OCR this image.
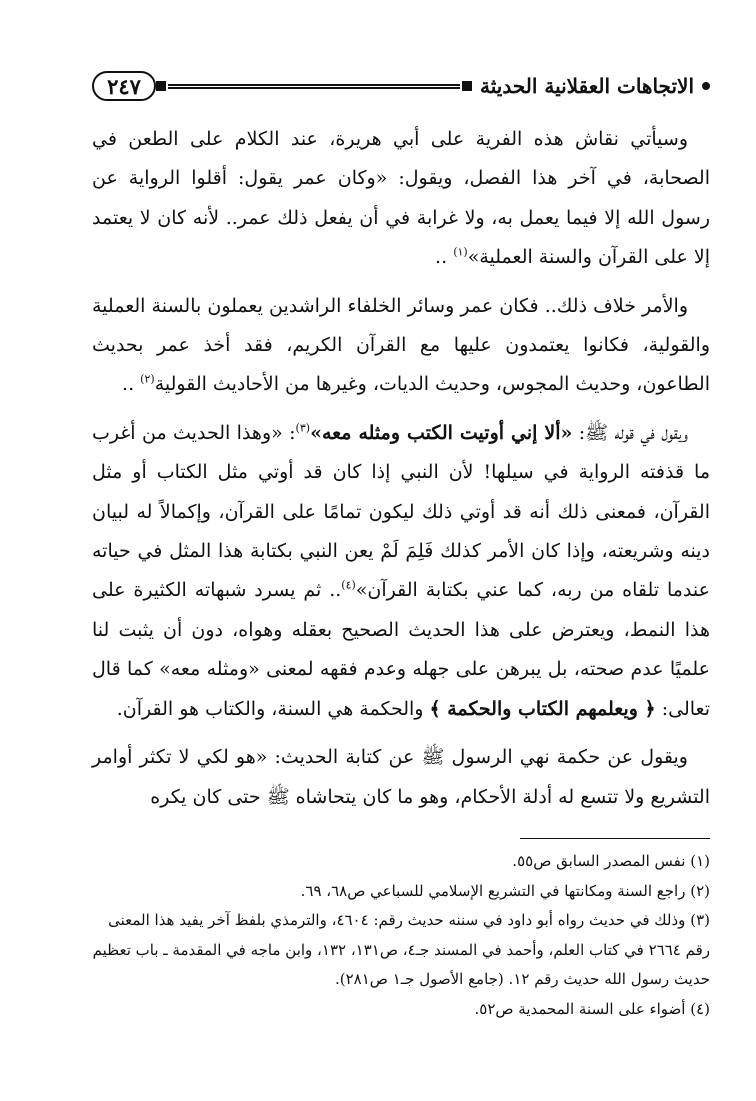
٢٤٧	الاتجاهات العقلانية الحديثة

وسيأتي نقاش هذه الفرية على أبي هريرة، عند الكلام على الطعن في الصحابة، في آخر هذا الفصل، ويقول: «وكان عمر يقول: أقلوا الرواية عن رسول الله إلا فيما يعمل به، ولا غرابة في أن يفعل ذلك عمر.. لأنه كان لا يعتمد إلا على القرآن والسنة العملية»$^{(١)}$ ..

والأمر خلاف ذلك.. فكان عمر وسائر الخلفاء الراشدين يعملون بالسنة العملية والقولية، فكانوا يعتمدون عليها مع القرآن الكريم، فقد أخذ عمر بحديث الطاعون، وحديث المجوس، وحديث الديات، وغيرها من الأحاديث القولية$^{(٢)}$ ..

ويقول في قوله ﷺ: «ألا إني أوتيت الكتب ومثله معه»$^{(٣)}$: «وهذا الحديث من أغرب ما قذفته الرواية في سيلها! لأن النبي إذا كان قد أوتي مثل الكتاب أو مثل القرآن، فمعنى ذلك أنه قد أوتي ذلك ليكون تمامًا على القرآن، وإكمالاً له لبيان دينه وشريعته، وإذا كان الأمر كذلك فَلِمَ لَمْ يعن النبي بكتابة هذا المثل في حياته عندما تلقاه من ربه، كما عني بكتابة القرآن»$^{(٤)}$.. ثم يسرد شبهاته الكثيرة على هذا النمط، ويعترض على هذا الحديث الصحيح بعقله وهواه، دون أن يثبت لنا علميًا عدم صحته، بل يبرهن على جهله وعدم فقهه لمعنى «ومثله معه» كما قال تعالى: ﴿ ويعلمهم الكتاب والحكمة ﴾ والحكمة هي السنة، والكتاب هو القرآن.

ويقول عن حكمة نهي الرسول ﷺ عن كتابة الحديث: «هو لكي لا تكثر أوامر التشريع ولا تتسع له أدلة الأحكام، وهو ما كان يتحاشاه ﷺ حتى كان يكره

(١) نفس المصدر السابق ص٥٥.

(٢) راجع السنة ومكانتها في التشريع الإسلامي للسباعي ص٦٨، ٦٩.

(٣) وذلك في حديث رواه أبو داود في سننه حديث رقم: ٤٦٠٤، والترمذي بلفظ آخر يفيد هذا المعنى رقم ٢٦٦٤ في كتاب العلم، وأحمد في المسند جـ٤، ص١٣١، ١٣٢، وابن ماجه في المقدمة ـ باب تعظيم حديث رسول الله حديث رقم ١٢. (جامع الأصول جـ١ ص٢٨١).

(٤) أضواء على السنة المحمدية ص٥٢.
